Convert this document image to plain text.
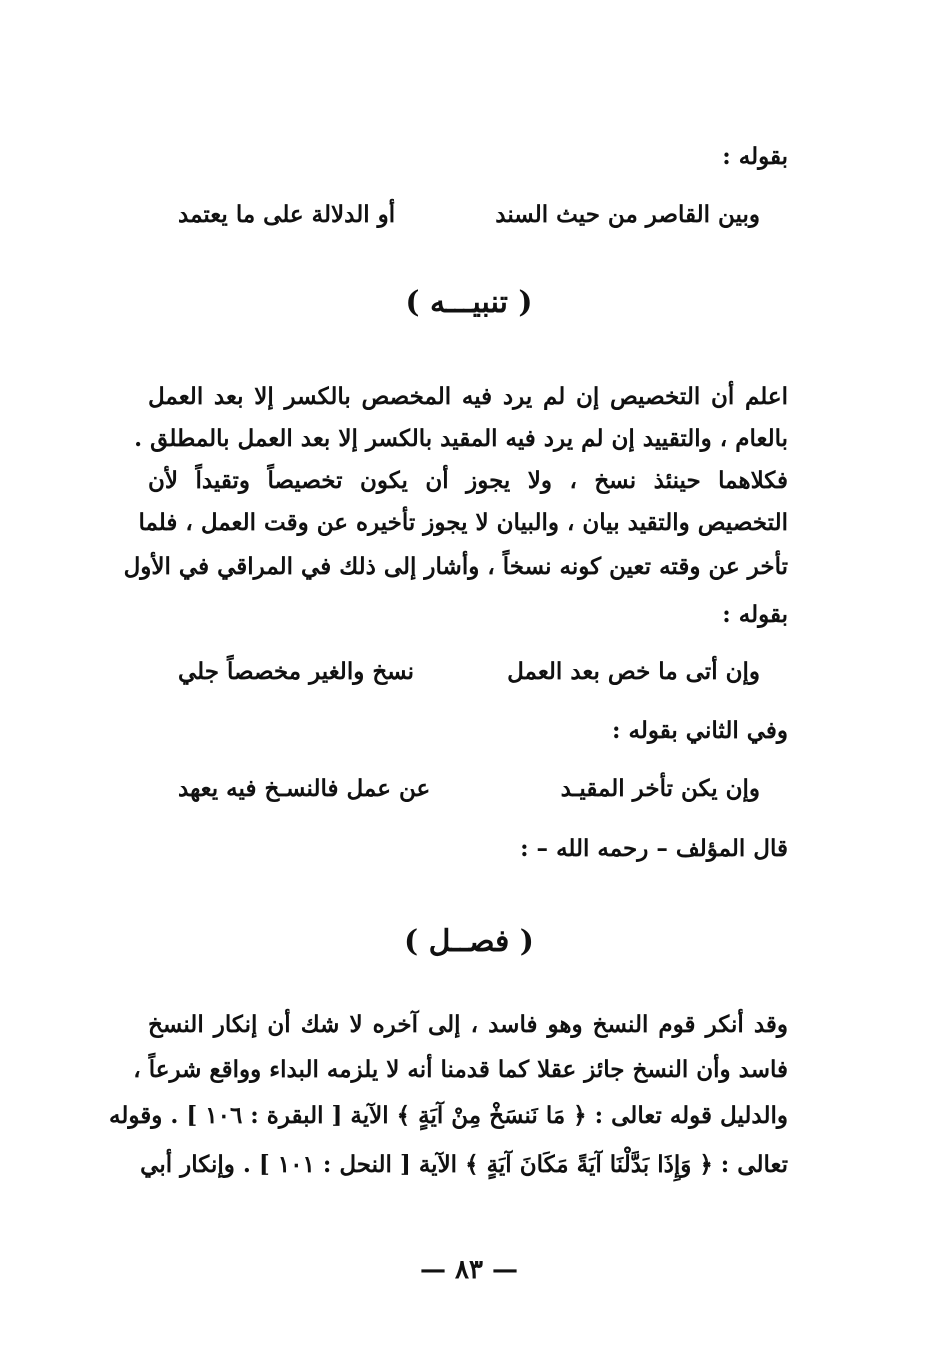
بقوله :
وبين القاصر من حيث السند
أو الدلالة على ما يعتمد
( تنبيـــه )
اعلم أن التخصيص إن لم يرد فيه المخصص بالكسر إلا بعد العمل
بالعام ، والتقييد إن لم يرد فيه المقيد بالكسر إلا بعد العمل بالمطلق .
فكلاهما حينئذ نسخ ، ولا يجوز أن يكون تخصيصاً وتقيداً لأن
التخصيص والتقيد بيان ، والبيان لا يجوز تأخيره عن وقت العمل ، فلما
تأخر عن وقته تعين كونه نسخاً ، وأشار إلى ذلك في المراقي في الأول
بقوله :
وإن أتى ما خص بعد العمل
نسخ والغير مخصصاً جلي
وفي الثاني بقوله :
وإن يكن تأخر المقيـد
عن عمل فالنسـخ فيه يعهد
قال المؤلف – رحمه الله – :
( فصــل )
وقد أنكر قوم النسخ وهو فاسد ، إلى آخره لا شك أن إنكار النسخ
فاسد وأن النسخ جائز عقلا كما قدمنا أنه لا يلزمه البداء وواقع شرعاً ،
والدليل قوله تعالى : ﴿ مَا نَنسَخْ مِنْ آيَةٍ ﴾ الآية [ البقرة : ١٠٦ ] . وقوله
تعالى : ﴿ وَإِذَا بَدَّلْنَا آيَةً مَكَانَ آيَةٍ ﴾ الآية [ النحل : ١٠١ ] . وإنكار أبي
— ٨٣ —
